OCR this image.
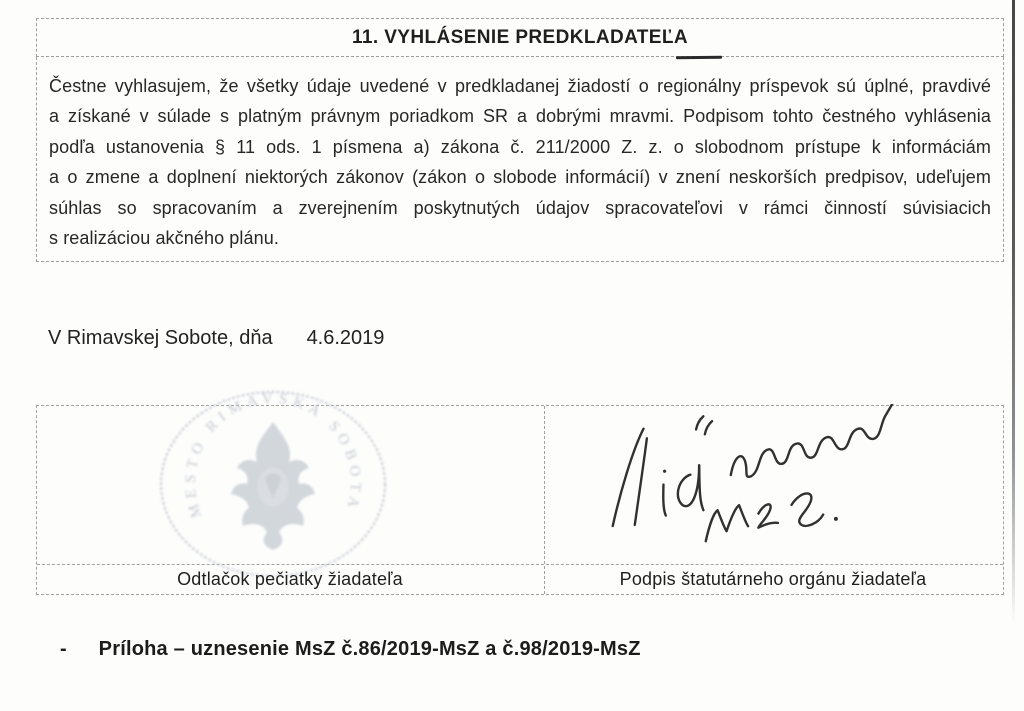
11. VYHLÁSENIE PREDKLADATEĽA
Čestne vyhlasujem, že všetky údaje uvedené v predkladanej žiadostí o regionálny príspevok sú úplné, pravdivé
a získané v súlade s platným právnym poriadkom SR a dobrými mravmi. Podpisom tohto čestného vyhlásenia
podľa ustanovenia § 11 ods. 1 písmena a) zákona č. 211/2000 Z. z. o slobodnom prístupe k informáciám
a o zmene a doplnení niektorých zákonov (zákon o slobode informácií) v znení neskorších predpisov, udeľujem
súhlas so spracovaním a zverejnením poskytnutých údajov spracovateľovi v rámci činností súvisiacich
s realizáciou akčného plánu.
V Rimavskej Sobote, dňa 4.6.2019
MESTO RIMAVSKÁ SOBOTA
Odtlačok pečiatky žiadateľa	Podpis štatutárneho orgánu žiadateľa
- Príloha – uznesenie MsZ č.86/2019-MsZ a č.98/2019-MsZ
